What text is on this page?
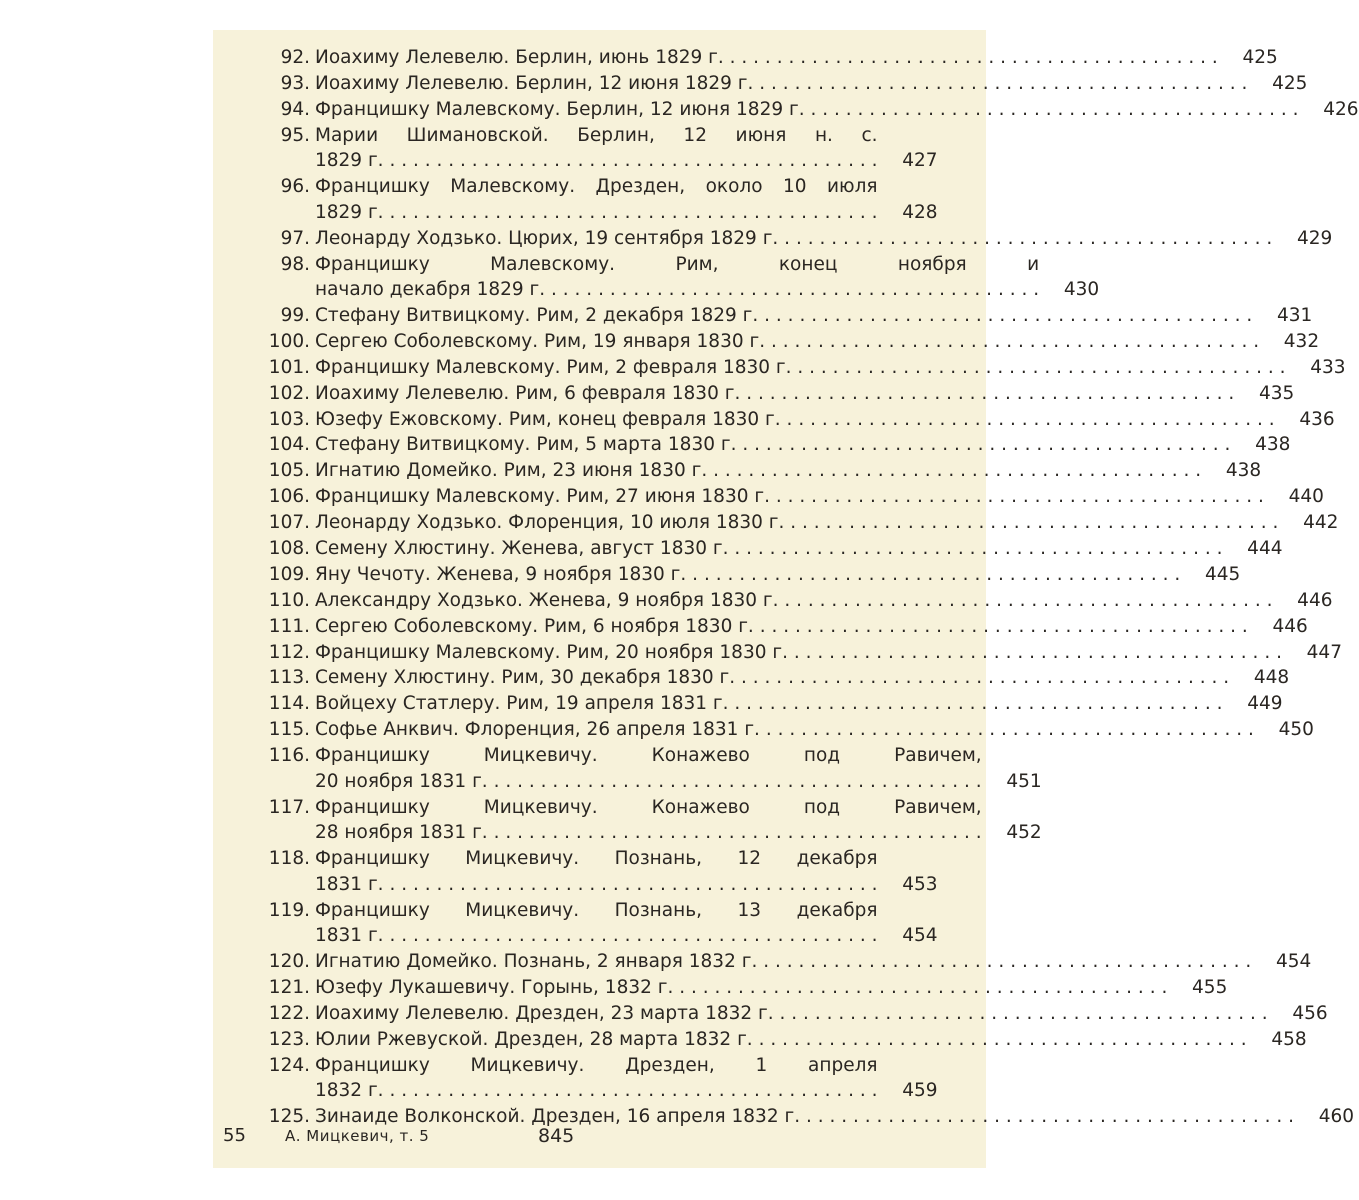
92. Иоахиму Лелевелю. Берлин, июнь 1829 г. . . .	425
93. Иоахиму Лелевелю. Берлин, 12 июня 1829 г. . . .	425
94. Францишку Малевскому. Берлин, 12 июня 1829 г. . . .	426
95. Марии Шимановской. Берлин, 12 июня н. с.
1829 г. . . .	427
96. Францишку Малевскому. Дрезден, около 10 июля
1829 г. . . .	428
97. Леонарду Ходзько. Цюрих, 19 сентября 1829 г. . . .	429
98. Францишку Малевскому. Рим, конец ноября и
начало декабря 1829 г. . . .	430
99. Стефану Витвицкому. Рим, 2 декабря 1829 г. . . .	431
100. Сергею Соболевскому. Рим, 19 января 1830 г. . . .	432
101. Францишку Малевскому. Рим, 2 февраля 1830 г. . . .	433
102. Иоахиму Лелевелю. Рим, 6 февраля 1830 г. . . .	435
103. Юзефу Ежовскому. Рим, конец февраля 1830 г. . . .	436
104. Стефану Витвицкому. Рим, 5 марта 1830 г. . . .	438
105. Игнатию Домейко. Рим, 23 июня 1830 г. . . .	438
106. Францишку Малевскому. Рим, 27 июня 1830 г. . . .	440
107. Леонарду Ходзько. Флоренция, 10 июля 1830 г. . . .	442
108. Семену Хлюстину. Женева, август 1830 г. . . .	444
109. Яну Чечоту. Женева, 9 ноября 1830 г. . . .	445
110. Александру Ходзько. Женева, 9 ноября 1830 г. . . .	446
111. Сергею Соболевскому. Рим, 6 ноября 1830 г. . . .	446
112. Францишку Малевскому. Рим, 20 ноября 1830 г. . . .	447
113. Семену Хлюстину. Рим, 30 декабря 1830 г. . . .	448
114. Войцеху Статлеру. Рим, 19 апреля 1831 г. . . .	449
115. Софье Анквич. Флоренция, 26 апреля 1831 г. . . .	450
116. Францишку Мицкевичу. Конажево под Равичем,
20 ноября 1831 г. . . .	451
117. Францишку Мицкевичу. Конажево под Равичем,
28 ноября 1831 г. . . .	452
118. Францишку Мицкевичу. Познань, 12 декабря
1831 г. . . .	453
119. Францишку Мицкевичу. Познань, 13 декабря
1831 г. . . .	454
120. Игнатию Домейко. Познань, 2 января 1832 г. . . .	454
121. Юзефу Лукашевичу. Горынь, 1832 г. . . .	455
122. Иоахиму Лелевелю. Дрезден, 23 марта 1832 г. . . .	456
123. Юлии Ржевуской. Дрезден, 28 марта 1832 г. . . .	458
124. Францишку Мицкевичу. Дрезден, 1 апреля
1832 г. . . .	459
125. Зинаиде Волконской. Дрезден, 16 апреля 1832 г. . . .	460
55	А. Мицкевич, т. 5	845
